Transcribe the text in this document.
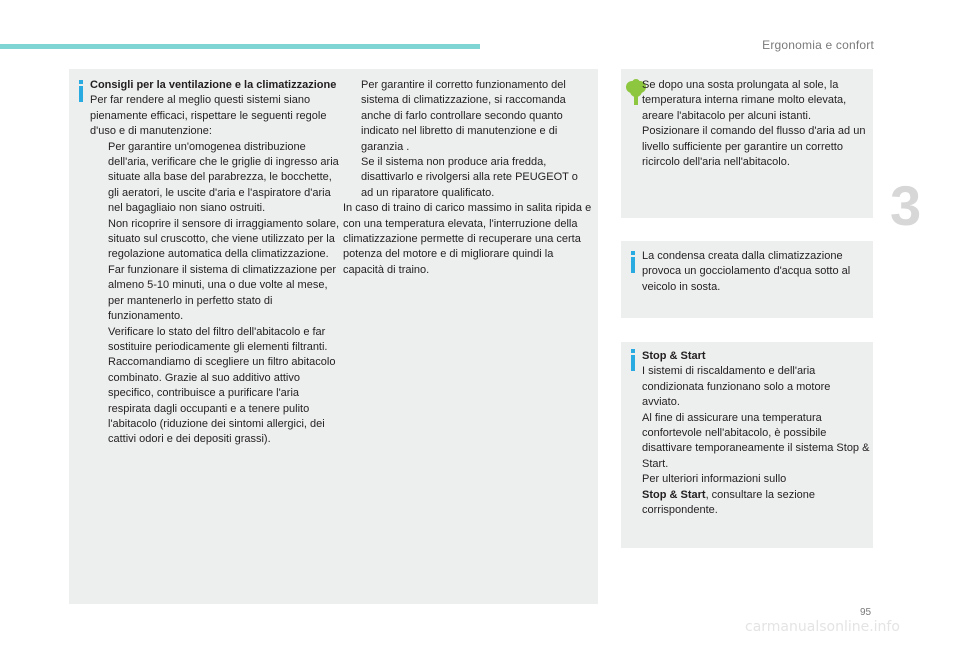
Ergonomia e confort
3

Consigli per la ventilazione e la climatizzazione

Per far rendere al meglio questi sistemi siano pienamente efficaci, rispettare le seguenti regole d'uso e di manutenzione:

Per garantire un'omogenea distribuzione dell'aria, verificare che le griglie di ingresso aria situate alla base del parabrezza, le bocchette, gli aeratori, le uscite d'aria e l'aspiratore d'aria nel bagagliaio non siano ostruiti.
Non ricoprire il sensore di irraggiamento solare, situato sul cruscotto, che viene utilizzato per la regolazione automatica della climatizzazione.
Far funzionare il sistema di climatizzazione per almeno 5-10 minuti, una o due volte al mese, per mantenerlo in perfetto stato di funzionamento.
Verificare lo stato del filtro dell'abitacolo e far sostituire periodicamente gli elementi filtranti. Raccomandiamo di scegliere un filtro abitacolo combinato. Grazie al suo additivo attivo specifico, contribuisce a purificare l'aria respirata dagli occupanti e a tenere pulito l'abitacolo (riduzione dei sintomi allergici, dei cattivi odori e dei depositi grassi).
Per garantire il corretto funzionamento del sistema di climatizzazione, si raccomanda anche di farlo controllare secondo quanto indicato nel libretto di manutenzione e di garanzia .
Se il sistema non produce aria fredda, disattivarlo e rivolgersi alla rete PEUGEOT o ad un riparatore qualificato.

In caso di traino di carico massimo in salita ripida e con una temperatura elevata, l'interruzione della climatizzazione permette di recuperare una certa potenza del motore e di migliorare quindi la capacità di traino.

Se dopo una sosta prolungata al sole, la temperatura interna rimane molto elevata, areare l'abitacolo per alcuni istanti.

Posizionare il comando del flusso d'aria ad un livello sufficiente per garantire un corretto ricircolo dell'aria nell'abitacolo.

La condensa creata dalla climatizzazione provoca un gocciolamento d'acqua sotto al veicolo in sosta.

Stop & Start

I sistemi di riscaldamento e dell'aria condizionata funzionano solo a motore avviato.

Al fine di assicurare una temperatura confortevole nell'abitacolo, è possibile disattivare temporaneamente il sistema Stop & Start.

Per ulteriori informazioni sullo

Stop & Start, consultare la sezione corrispondente.

95
carmanualsonline.info
